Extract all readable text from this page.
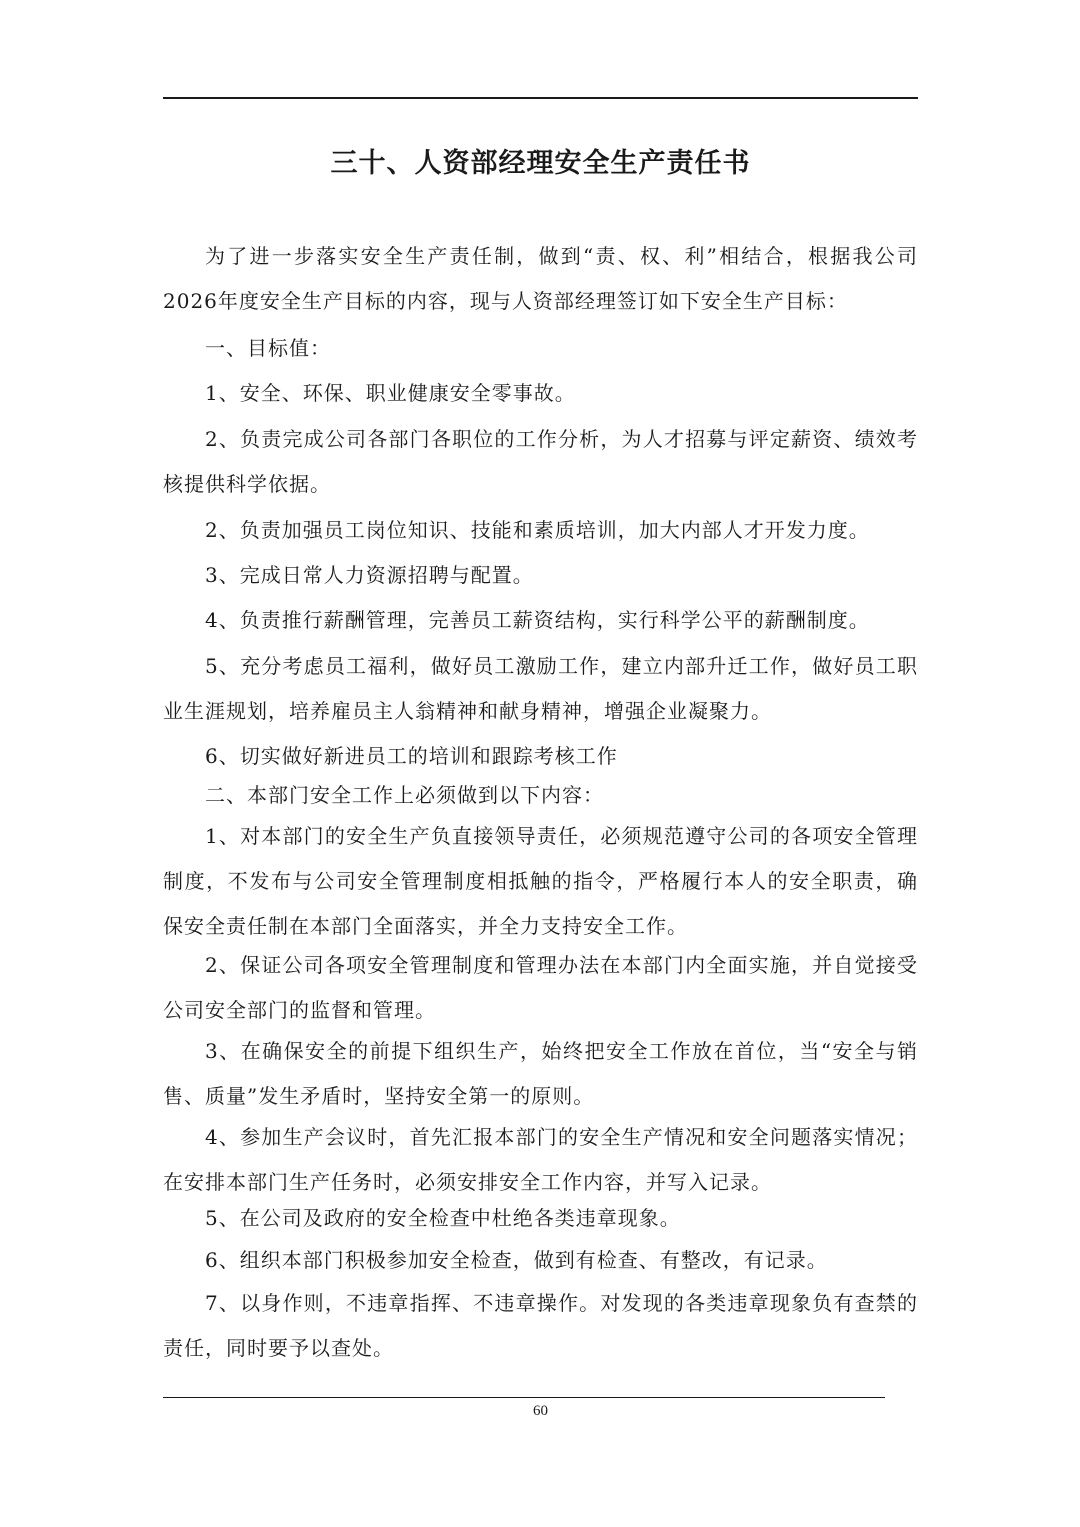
三十、人资部经理安全生产责任书

为了进一步落实安全生产责任制，做到“责、权、利”相结合，根据我公司2026年度安全生产目标的内容，现与人资部经理签订如下安全生产目标：

一、目标值：

1、安全、环保、职业健康安全零事故。

2、负责完成公司各部门各职位的工作分析，为人才招募与评定薪资、绩效考核提供科学依据。

2、负责加强员工岗位知识、技能和素质培训，加大内部人才开发力度。

3、完成日常人力资源招聘与配置。

4、负责推行薪酬管理，完善员工薪资结构，实行科学公平的薪酬制度。

5、充分考虑员工福利，做好员工激励工作，建立内部升迁工作，做好员工职业生涯规划，培养雇员主人翁精神和献身精神，增强企业凝聚力。

6、切实做好新进员工的培训和跟踪考核工作

二、本部门安全工作上必须做到以下内容：

1、对本部门的安全生产负直接领导责任，必须规范遵守公司的各项安全管理制度，不发布与公司安全管理制度相抵触的指令，严格履行本人的安全职责，确保安全责任制在本部门全面落实，并全力支持安全工作。

2、保证公司各项安全管理制度和管理办法在本部门内全面实施，并自觉接受公司安全部门的监督和管理。

3、在确保安全的前提下组织生产，始终把安全工作放在首位，当“安全与销售、质量”发生矛盾时，坚持安全第一的原则。

4、参加生产会议时，首先汇报本部门的安全生产情况和安全问题落实情况；在安排本部门生产任务时，必须安排安全工作内容，并写入记录。

5、在公司及政府的安全检查中杜绝各类违章现象。

6、组织本部门积极参加安全检查，做到有检查、有整改，有记录。

7、以身作则，不违章指挥、不违章操作。对发现的各类违章现象负有查禁的责任，同时要予以查处。

60
